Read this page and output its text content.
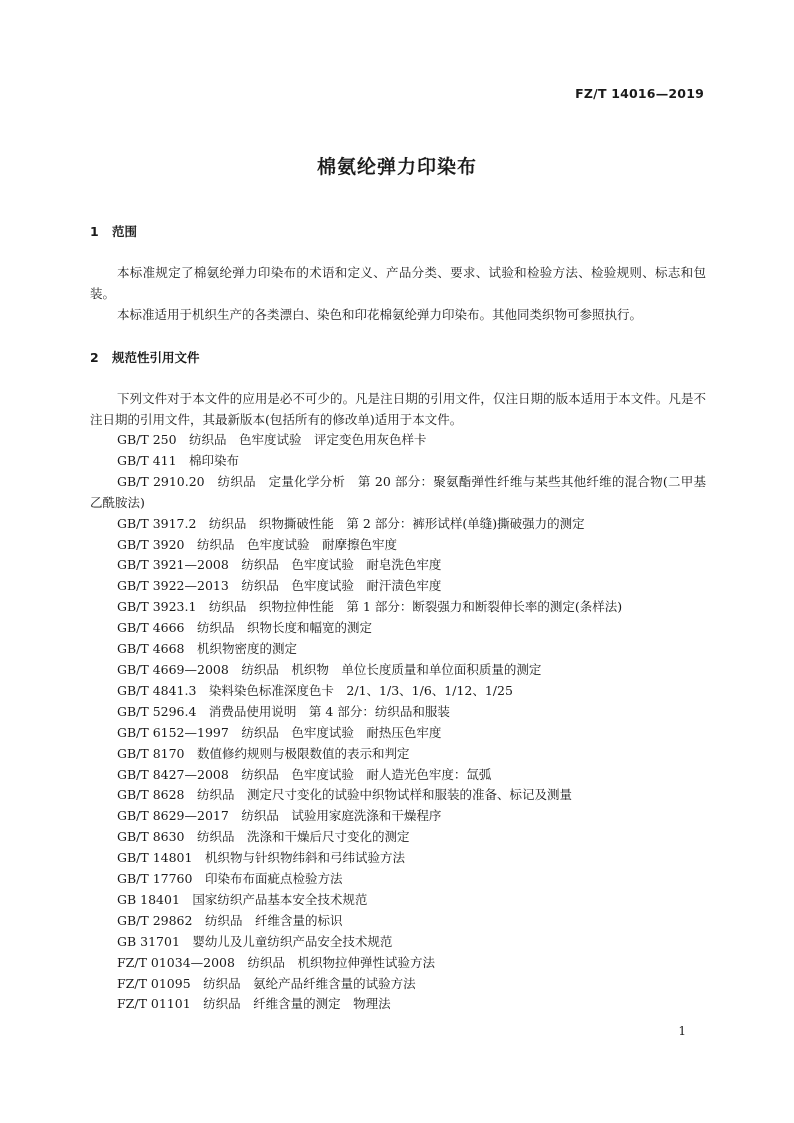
FZ/T 14016—2019
棉氨纶弹力印染布
1 范围

本标准规定了棉氨纶弹力印染布的术语和定义、产品分类、要求、试验和检验方法、检验规则、标志和包装。

本标准适用于机织生产的各类漂白、染色和印花棉氨纶弹力印染布。其他同类织物可参照执行。

2 规范性引用文件

下列文件对于本文件的应用是必不可少的。凡是注日期的引用文件，仅注日期的版本适用于本文件。凡是不注日期的引用文件，其最新版本(包括所有的修改单)适用于本文件。

GB/T 250　纺织品　色牢度试验　评定变色用灰色样卡
GB/T 411　棉印染布
GB/T 2910.20　纺织品　定量化学分析　第 20 部分：聚氨酯弹性纤维与某些其他纤维的混合物(二甲基乙酰胺法)
GB/T 3917.2　纺织品　织物撕破性能　第 2 部分：裤形试样(单缝)撕破强力的测定
GB/T 3920　纺织品　色牢度试验　耐摩擦色牢度
GB/T 3921—2008　纺织品　色牢度试验　耐皂洗色牢度
GB/T 3922—2013　纺织品　色牢度试验　耐汗渍色牢度
GB/T 3923.1　纺织品　织物拉伸性能　第 1 部分：断裂强力和断裂伸长率的测定(条样法)
GB/T 4666　纺织品　织物长度和幅宽的测定
GB/T 4668　机织物密度的测定
GB/T 4669—2008　纺织品　机织物　单位长度质量和单位面积质量的测定
GB/T 4841.3　染料染色标准深度色卡　2/1、1/3、1/6、1/12、1/25
GB/T 5296.4　消费品使用说明　第 4 部分：纺织品和服装
GB/T 6152—1997　纺织品　色牢度试验　耐热压色牢度
GB/T 8170　数值修约规则与极限数值的表示和判定
GB/T 8427—2008　纺织品　色牢度试验　耐人造光色牢度：氙弧
GB/T 8628　纺织品　测定尺寸变化的试验中织物试样和服装的准备、标记及测量
GB/T 8629—2017　纺织品　试验用家庭洗涤和干燥程序
GB/T 8630　纺织品　洗涤和干燥后尺寸变化的测定
GB/T 14801　机织物与针织物纬斜和弓纬试验方法
GB/T 17760　印染布布面疵点检验方法
GB 18401　国家纺织产品基本安全技术规范
GB/T 29862　纺织品　纤维含量的标识
GB 31701　婴幼儿及儿童纺织产品安全技术规范
FZ/T 01034—2008　纺织品　机织物拉伸弹性试验方法
FZ/T 01095　纺织品　氨纶产品纤维含量的试验方法
FZ/T 01101　纺织品　纤维含量的测定　物理法
1
